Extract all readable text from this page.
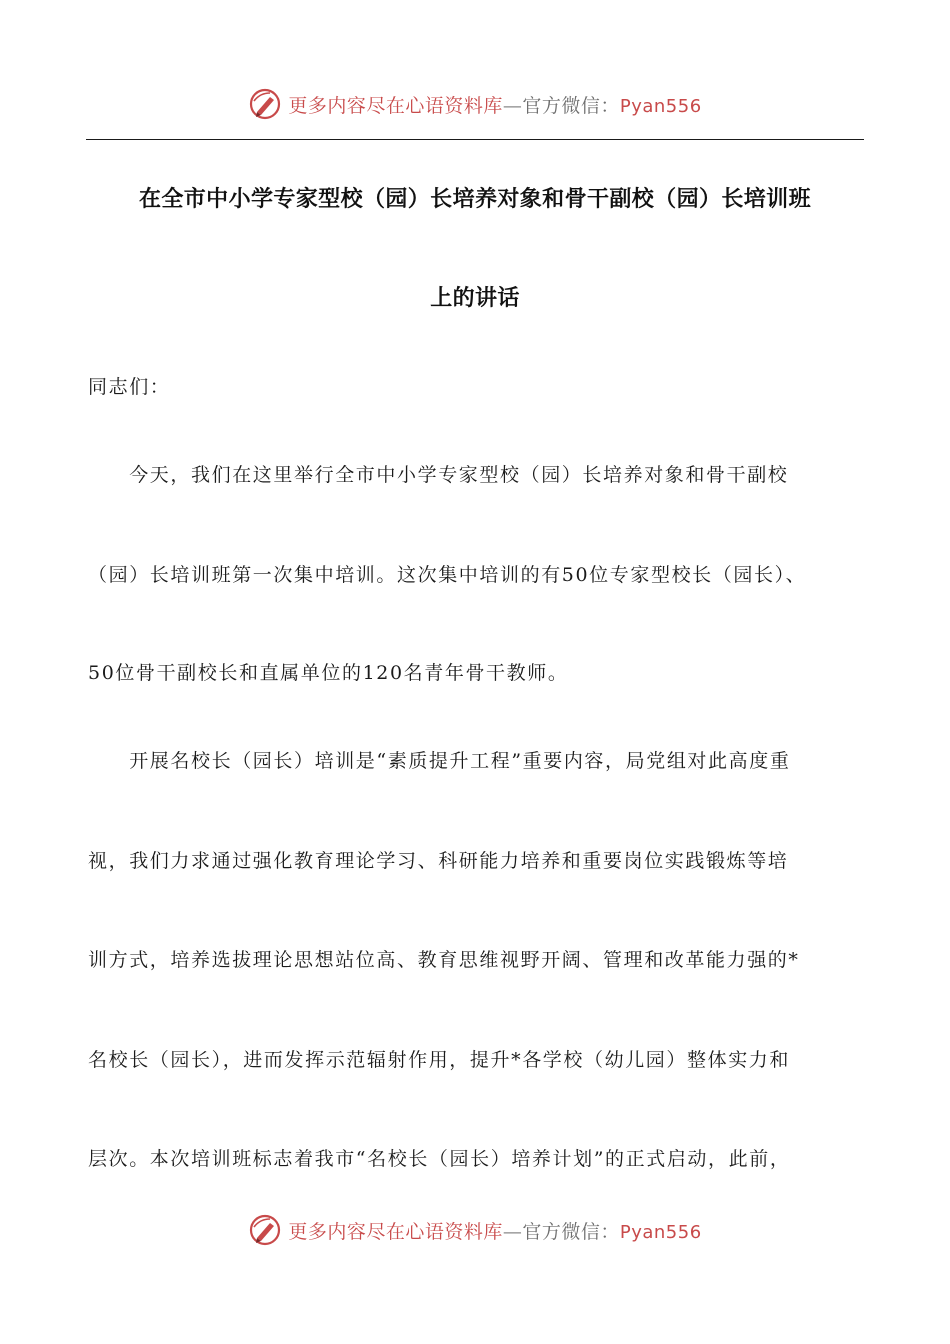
更多内容尽在心语资料库—官方微信：Pyan556
在全市中小学专家型校（园）长培养对象和骨干副校（园）长培训班
上的讲话
同志们：
　　今天，我们在这里举行全市中小学专家型校（园）长培养对象和骨干副校
（园）长培训班第一次集中培训。这次集中培训的有50位专家型校长（园长）、
50位骨干副校长和直属单位的120名青年骨干教师。
　　开展名校长（园长）培训是“素质提升工程”重要内容，局党组对此高度重
视，我们力求通过强化教育理论学习、科研能力培养和重要岗位实践锻炼等培
训方式，培养选拔理论思想站位高、教育思维视野开阔、管理和改革能力强的*
名校长（园长），进而发挥示范辐射作用，提升*各学校（幼儿园）整体实力和
层次。本次培训班标志着我市“名校长（园长）培养计划”的正式启动，此前，
更多内容尽在心语资料库—官方微信：Pyan556
